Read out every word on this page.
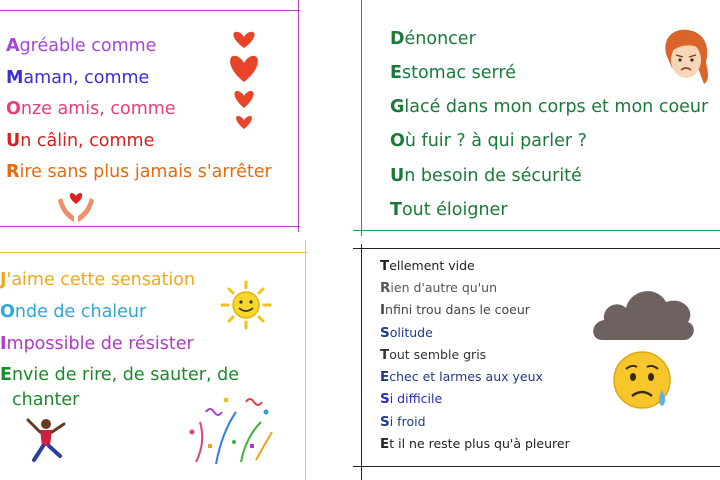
Agréable comme
Maman, comme
Onze amis, comme
Un câlin, comme
Rire sans plus jamais s'arrêter
J'aime cette sensation
Onde de chaleur
Impossible de résister
Envie de rire, de sauter, de
chanter
Dénoncer
Estomac serré
Glacé dans mon corps et mon coeur
Où fuir ? à qui parler ?
Un besoin de sécurité
Tout éloigner
Tellement vide
Rien d'autre qu'un
Infini trou dans le coeur
Solitude
Tout semble gris
Echec et larmes aux yeux
Si difficile
Si froid
Et il ne reste plus qu'à pleurer
